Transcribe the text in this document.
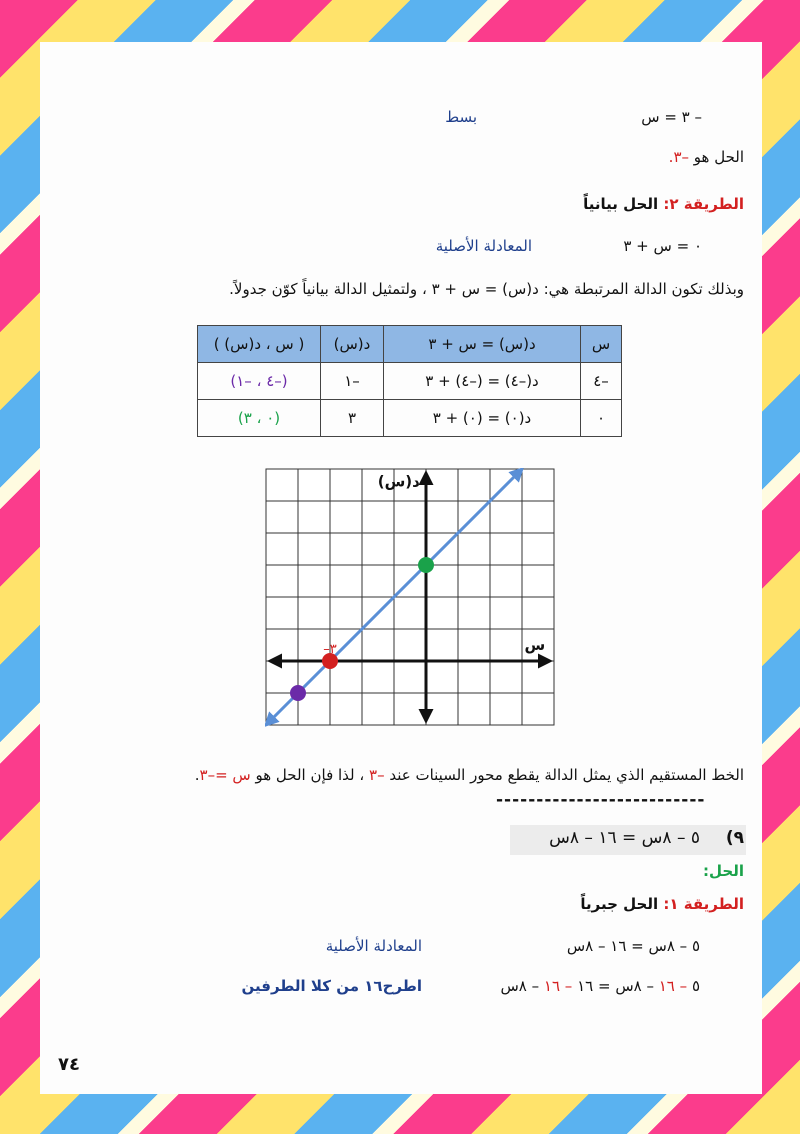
– ٣ = س
بسط
الحل هو –٣.
الطريقة ٢: الحل بيانياً
٠ = س + ٣
المعادلة الأصلية
وبذلك تكون الدالة المرتبطة هي: د(س) = س + ٣ ، ولتمثيل الدالة بيانياً كوّن جدولاً.
س	د(س) = س + ٣	د(س)	( س ، د(س) )
–٤	د(–٤) = (–٤) + ٣	–١	(–٤ ، –١)
٠	د(٠) = (٠) + ٣	٣	(٠ ، ٣)
س
د(س)
–٣
الخط المستقيم الذي يمثل الدالة يقطع محور السينات عند –٣ ، لذا فإن الحل هو س =–٣.
--------------------------
٩)
٥ – ٨س = ١٦ – ٨س
الحل:
الطريقة ١: الحل جبرياً
٥ – ٨س = ١٦ – ٨س
المعادلة الأصلية
٥ – ١٦ – ٨س = ١٦ – ١٦ – ٨س
اطرح١٦ من كلا الطرفين
٧٤
